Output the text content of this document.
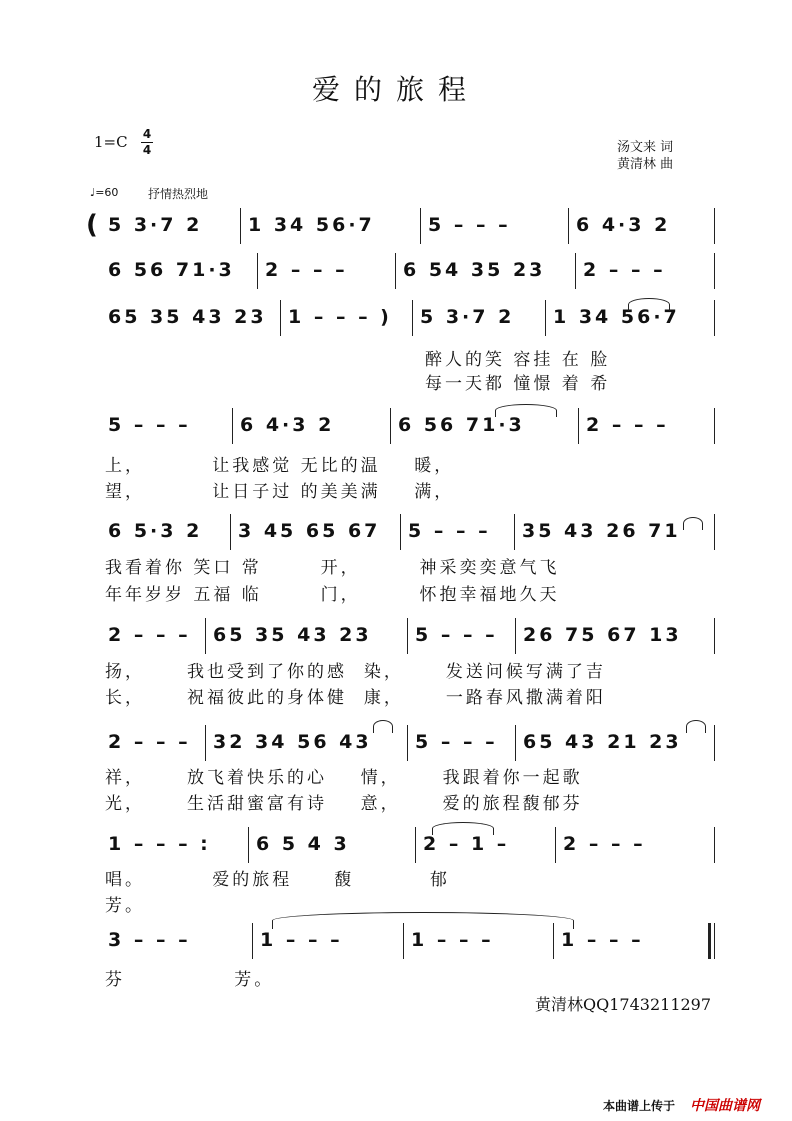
爱的旅程
1=C 4
4	汤文来 词
黄清林 曲
♩=60 抒情热烈地
( 5 3·7 2 1 34 56·7	5 – – –	6 4·3 2
6 56 71·3 2 – – –	6 54 35 23 2 – – –
65 35 43 23 1 – – – ) 5 3·7 2 1 34 56·7
5 – – –	6 4·3 2	6 56 71·3	2 – – –
6 5·3 2 3 45 65 67 5 – – – 35 43 26 71
2 – – – 65 35 43 23 5 – – – 26 75 67 13
2 – – – 32 34 56 43 5 – – – 65 43 21 23
1 – – – : 6 5 4 3	2 – 1 –	2 – – –
3 – – –	1 – – –	1 – – –	1 – – –
醉人的笑 容挂 在 脸
每一天都 憧憬 着 希
上，        让我感觉 无比的温    暖，
望，        让日子过 的美美满    满，
我看着你 笑口 常       开，       神采奕奕意气飞
年年岁岁 五福 临       门，       怀抱幸福地久天
扬，     我也受到了你的感  染，     发送问候写满了吉
长，     祝福彼此的身体健  康，     一路春风撒满着阳
祥，     放飞着快乐的心    情，     我跟着你一起歌
光，     生活甜蜜富有诗    意，     爱的旅程馥郁芬
唱。        爱的旅程     馥         郁
芳。
芬             芳。
黄清林QQ1743211297
本曲谱上传于 中国曲谱网
